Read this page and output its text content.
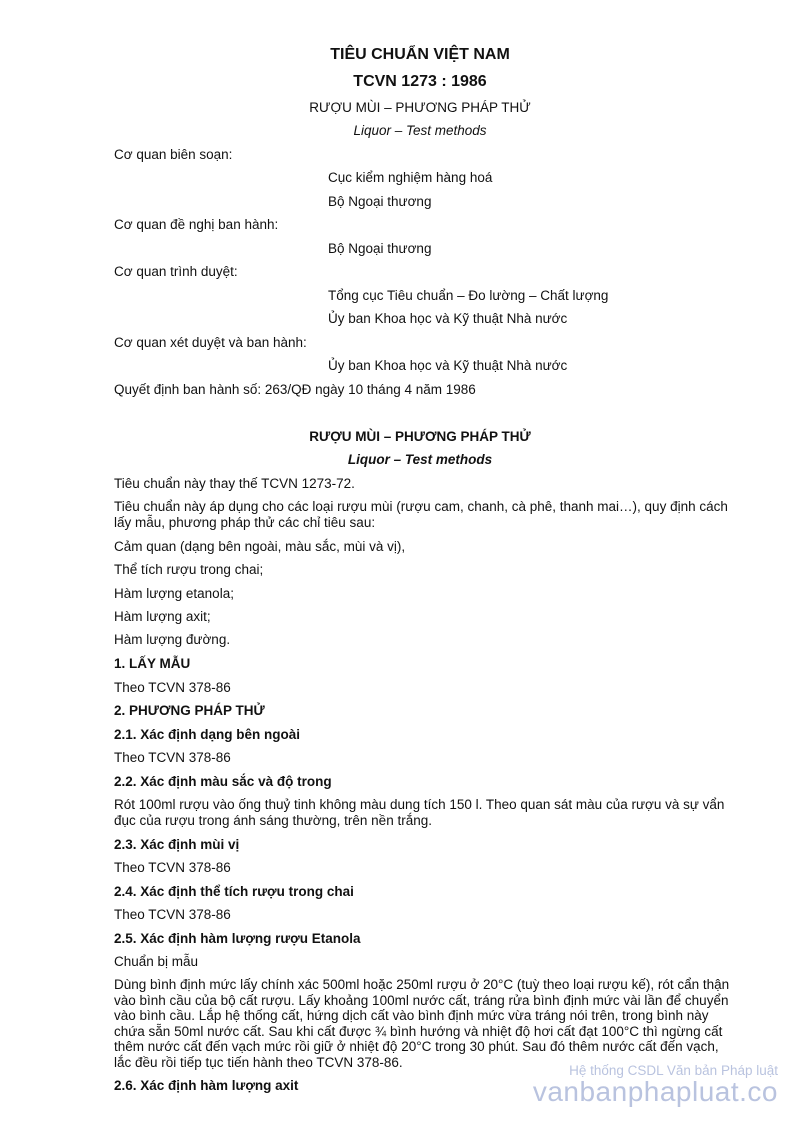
TIÊU CHUẨN VIỆT NAM
TCVN 1273 : 1986
RƯỢU MÙI – PHƯƠNG PHÁP THỬ
Liquor – Test methods
Cơ quan biên soạn:
Cục kiểm nghiệm hàng hoá
Bộ Ngoại thương
Cơ quan đề nghị ban hành:
Bộ Ngoại thương
Cơ quan trình duyệt:
Tổng cục Tiêu chuẩn – Đo lường – Chất lượng
Ủy ban Khoa học và Kỹ thuật Nhà nước
Cơ quan xét duyệt và ban hành:
Ủy ban Khoa học và Kỹ thuật Nhà nước
Quyết định ban hành số: 263/QĐ ngày 10 tháng 4 năm 1986
RƯỢU MÙI – PHƯƠNG PHÁP THỬ
Liquor – Test methods
Tiêu chuẩn này thay thế TCVN 1273-72.
Tiêu chuẩn này áp dụng cho các loại rượu mùi (rượu cam, chanh, cà phê, thanh mai…), quy định cách lấy mẫu, phương pháp thử các chỉ tiêu sau:
Cảm quan (dạng bên ngoài, màu sắc, mùi và vị),
Thể tích rượu trong chai;
Hàm lượng etanola;
Hàm lượng axit;
Hàm lượng đường.
1. LẤY MẪU
Theo TCVN 378-86
2. PHƯƠNG PHÁP THỬ
2.1. Xác định dạng bên ngoài
Theo TCVN 378-86
2.2. Xác định màu sắc và độ trong
Rót 100ml rượu vào ống thuỷ tinh không màu dung tích 150 l. Theo quan sát màu của rượu và sự vẩn đục của rượu trong ánh sáng thường, trên nền trắng.
2.3. Xác định mùi vị
Theo TCVN 378-86
2.4. Xác định thể tích rượu trong chai
Theo TCVN 378-86
2.5. Xác định hàm lượng rượu Etanola
Chuẩn bị mẫu
Dùng bình định mức lấy chính xác 500ml hoặc 250ml rượu ở 20°C (tuỳ theo loại rượu kế), rót cẩn thận vào bình cầu của bộ cất rượu. Lấy khoảng 100ml nước cất, tráng rửa bình định mức vài lần để chuyển vào bình cầu. Lắp hệ thống cất, hứng dịch cất vào bình định mức vừa tráng nói trên, trong bình này chứa sẵn 50ml nước cất. Sau khi cất được ¾ bình hướng và nhiệt độ hơi cất đạt 100°C thì ngừng cất thêm nước cất đến vạch mức rồi giữ ở nhiệt độ 20°C trong 30 phút. Sau đó thêm nước cất đến vạch, lắc đều rồi tiếp tục tiến hành theo TCVN 378-86.
2.6. Xác định hàm lượng axit
Hệ thống CSDL Văn bản Pháp luật
vanbanphapluat.co
